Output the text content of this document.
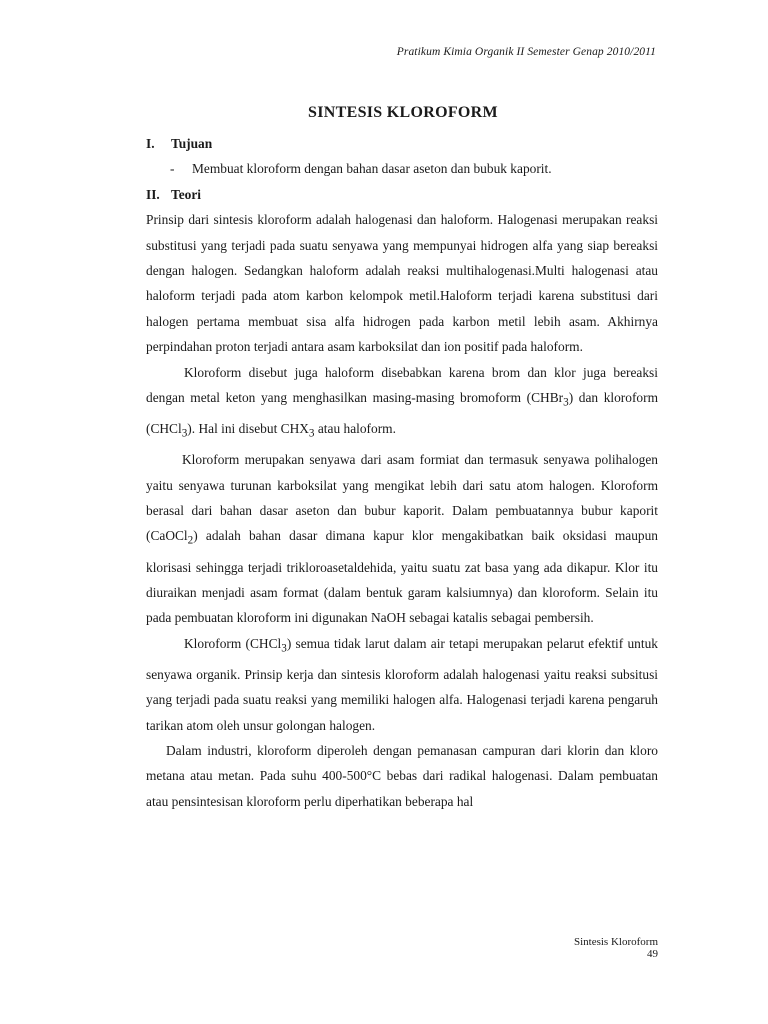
Pratikum Kimia Organik II Semester Genap 2010/2011
SINTESIS KLOROFORM
I. Tujuan
- Membuat kloroform dengan bahan dasar aseton dan bubuk kaporit.
II. Teori

Prinsip dari sintesis kloroform adalah halogenasi dan haloform. Halogenasi merupakan reaksi substitusi yang terjadi pada suatu senyawa yang mempunyai hidrogen alfa yang siap bereaksi dengan halogen. Sedangkan haloform adalah reaksi multihalogenasi.Multi halogenasi atau haloform terjadi pada atom karbon kelompok metil.Haloform terjadi karena substitusi dari halogen pertama membuat sisa alfa hidrogen pada karbon metil lebih asam. Akhirnya perpindahan proton terjadi antara asam karboksilat dan ion positif pada haloform.

Kloroform disebut juga haloform disebabkan karena brom dan klor juga bereaksi dengan metal keton yang menghasilkan masing-masing bromoform (CHBr$_3$) dan kloroform (CHCl$_3$). Hal ini disebut $CHX_3$ atau haloform.

Kloroform merupakan senyawa dari asam formiat dan termasuk senyawa polihalogen yaitu senyawa turunan karboksilat yang mengikat lebih dari satu atom halogen. Kloroform berasal dari bahan dasar aseton dan bubur kaporit. Dalam pembuatannya bubur kaporit (CaOCl$_2$) adalah bahan dasar dimana kapur klor mengakibatkan baik oksidasi maupun klorisasi sehingga terjadi trikloroasetaldehida, yaitu suatu zat basa yang ada dikapur. Klor itu diuraikan menjadi asam format (dalam bentuk garam kalsiumnya) dan kloroform. Selain itu pada pembuatan kloroform ini digunakan NaOH sebagai katalis sebagai pembersih.

Kloroform (CHCl$_3$) semua tidak larut dalam air tetapi merupakan pelarut efektif untuk senyawa organik. Prinsip kerja dan sintesis kloroform adalah halogenasi yaitu reaksi subsitusi yang terjadi pada suatu reaksi yang memiliki halogen alfa. Halogenasi terjadi karena pengaruh tarikan atom oleh unsur golongan halogen.

Dalam industri, kloroform diperoleh dengan pemanasan campuran dari klorin dan kloro metana atau metan. Pada suhu 400-500°C bebas dari radikal halogenasi. Dalam pembuatan atau pensintesisan kloroform perlu diperhatikan beberapa hal

Sintesis Kloroform
49
